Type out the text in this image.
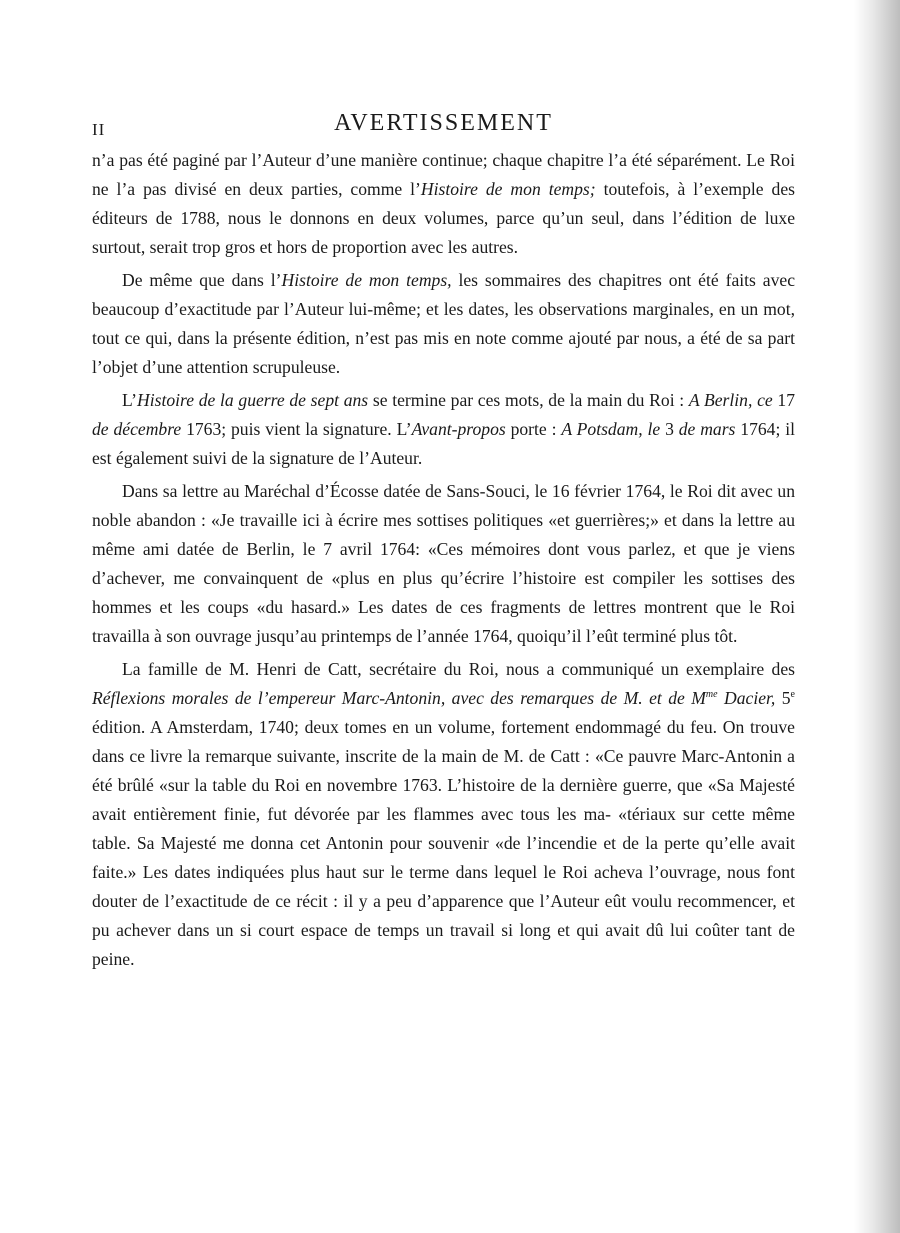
II	AVERTISSEMENT

n’a pas été paginé par l’Auteur d’une manière continue; chaque chapitre l’a été séparément. Le Roi ne l’a pas divisé en deux parties, comme l’Histoire de mon temps; toutefois, à l’exemple des éditeurs de 1788, nous le donnons en deux volumes, parce qu’un seul, dans l’édition de luxe surtout, serait trop gros et hors de proportion avec les autres.

De même que dans l’Histoire de mon temps, les sommaires des chapitres ont été faits avec beaucoup d’exactitude par l’Auteur lui-même; et les dates, les observations marginales, en un mot, tout ce qui, dans la présente édition, n’est pas mis en note comme ajouté par nous, a été de sa part l’objet d’une attention scrupuleuse.

L’Histoire de la guerre de sept ans se termine par ces mots, de la main du Roi : A Berlin, ce 17 de décembre 1763; puis vient la signature. L’Avant-propos porte : A Potsdam, le 3 de mars 1764; il est également suivi de la signature de l’Auteur.

Dans sa lettre au Maréchal d’Écosse datée de Sans-Souci, le 16 février 1764, le Roi dit avec un noble abandon : «Je travaille ici à écrire mes sottises politiques «et guerrières;» et dans la lettre au même ami datée de Berlin, le 7 avril 1764: «Ces mémoires dont vous parlez, et que je viens d’achever, me convainquent de «plus en plus qu’écrire l’histoire est compiler les sottises des hommes et les coups «du hasard.» Les dates de ces fragments de lettres montrent que le Roi travailla à son ouvrage jusqu’au printemps de l’année 1764, quoiqu’il l’eût terminé plus tôt.

La famille de M. Henri de Catt, secrétaire du Roi, nous a communiqué un exemplaire des Réflexions morales de l’empereur Marc-Antonin, avec des remarques de M. et de $M^{me}$ Dacier, 5e édition. A Amsterdam, 1740; deux tomes en un volume, fortement endommagé du feu. On trouve dans ce livre la remarque suivante, inscrite de la main de M. de Catt : «Ce pauvre Marc-Antonin a été brûlé «sur la table du Roi en novembre 1763. L’histoire de la dernière guerre, que «Sa Majesté avait entièrement finie, fut dévorée par les flammes avec tous les ma- «tériaux sur cette même table. Sa Majesté me donna cet Antonin pour souvenir «de l’incendie et de la perte qu’elle avait faite.» Les dates indiquées plus haut sur le terme dans lequel le Roi acheva l’ouvrage, nous font douter de l’exactitude de ce récit : il y a peu d’apparence que l’Auteur eût voulu recommencer, et pu achever dans un si court espace de temps un travail si long et qui avait dû lui coûter tant de peine.
